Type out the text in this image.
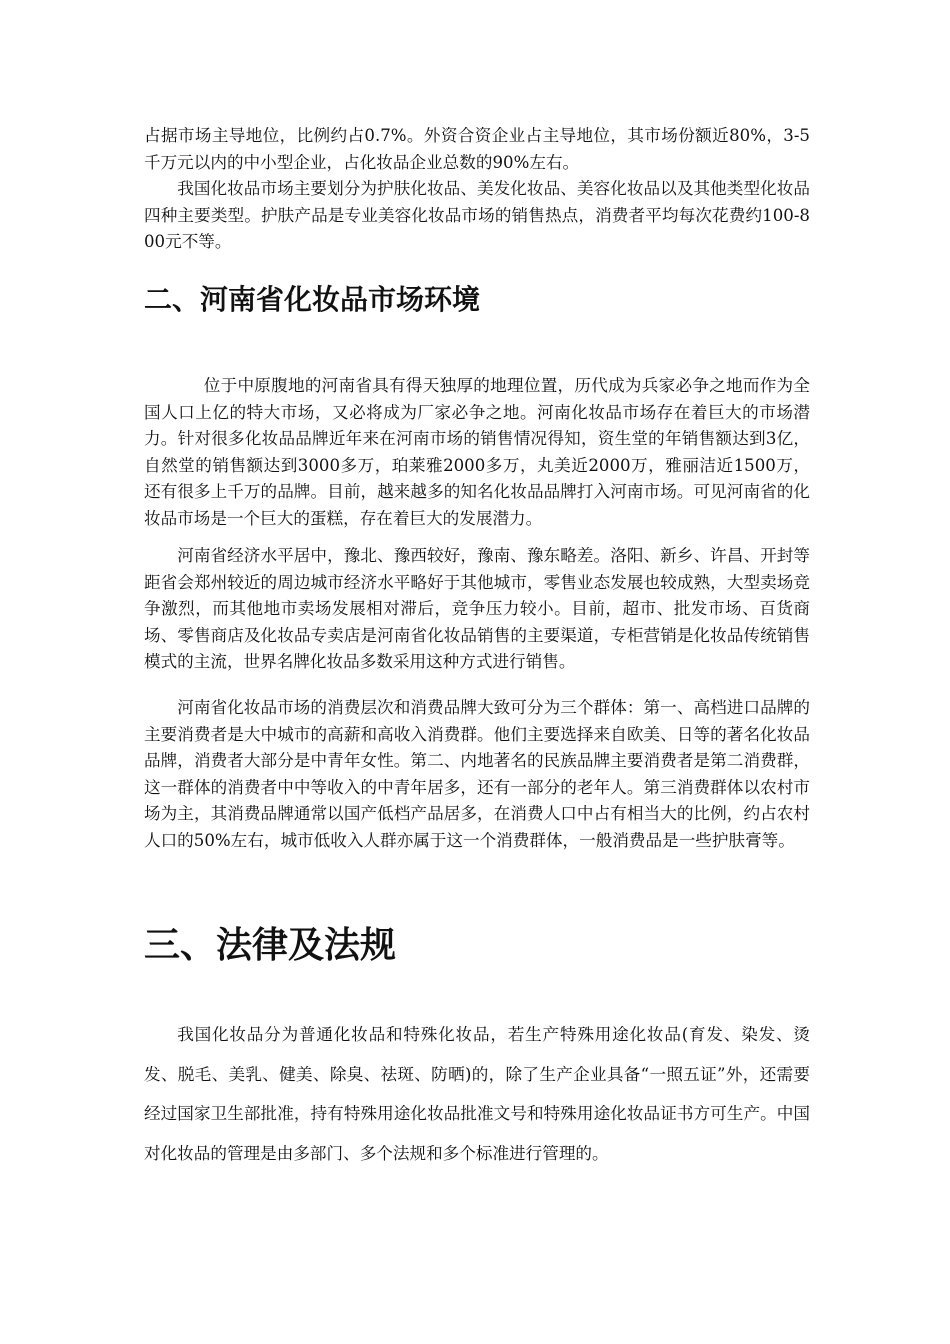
占据市场主导地位，比例约占0.7%。外资合资企业占主导地位，其市场份额近80%，3-5千万元以内的中小型企业，占化妆品企业总数的90%左右。

我国化妆品市场主要划分为护肤化妆品、美发化妆品、美容化妆品以及其他类型化妆品四种主要类型。护肤产品是专业美容化妆品市场的销售热点，消费者平均每次花费约100-800元不等。

二、河南省化妆品市场环境

位于中原腹地的河南省具有得天独厚的地理位置，历代成为兵家必争之地而作为全国人口上亿的特大市场，又必将成为厂家必争之地。河南化妆品市场存在着巨大的市场潜力。针对很多化妆品品牌近年来在河南市场的销售情况得知，资生堂的年销售额达到3亿，自然堂的销售额达到3000多万，珀莱雅2000多万，丸美近2000万，雅丽洁近1500万，还有很多上千万的品牌。目前，越来越多的知名化妆品品牌打入河南市场。可见河南省的化妆品市场是一个巨大的蛋糕，存在着巨大的发展潜力。

河南省经济水平居中，豫北、豫西较好，豫南、豫东略差。洛阳、新乡、许昌、开封等距省会郑州较近的周边城市经济水平略好于其他城市，零售业态发展也较成熟，大型卖场竞争激烈，而其他地市卖场发展相对滞后，竞争压力较小。目前，超市、批发市场、百货商场、零售商店及化妆品专卖店是河南省化妆品销售的主要渠道，专柜营销是化妆品传统销售模式的主流，世界名牌化妆品多数采用这种方式进行销售。

河南省化妆品市场的消费层次和消费品牌大致可分为三个群体：第一、高档进口品牌的主要消费者是大中城市的高薪和高收入消费群。他们主要选择来自欧美、日等的著名化妆品品牌，消费者大部分是中青年女性。第二、内地著名的民族品牌主要消费者是第二消费群，这一群体的消费者中中等收入的中青年居多，还有一部分的老年人。第三消费群体以农村市场为主，其消费品牌通常以国产低档产品居多，在消费人口中占有相当大的比例，约占农村人口的50%左右，城市低收入人群亦属于这一个消费群体，一般消费品是一些护肤膏等。

三、法律及法规

我国化妆品分为普通化妆品和特殊化妆品，若生产特殊用途化妆品(育发、染发、烫发、脱毛、美乳、健美、除臭、祛斑、防晒)的，除了生产企业具备“一照五证”外，还需要经过国家卫生部批准，持有特殊用途化妆品批准文号和特殊用途化妆品证书方可生产。中国对化妆品的管理是由多部门、多个法规和多个标准进行管理的。
